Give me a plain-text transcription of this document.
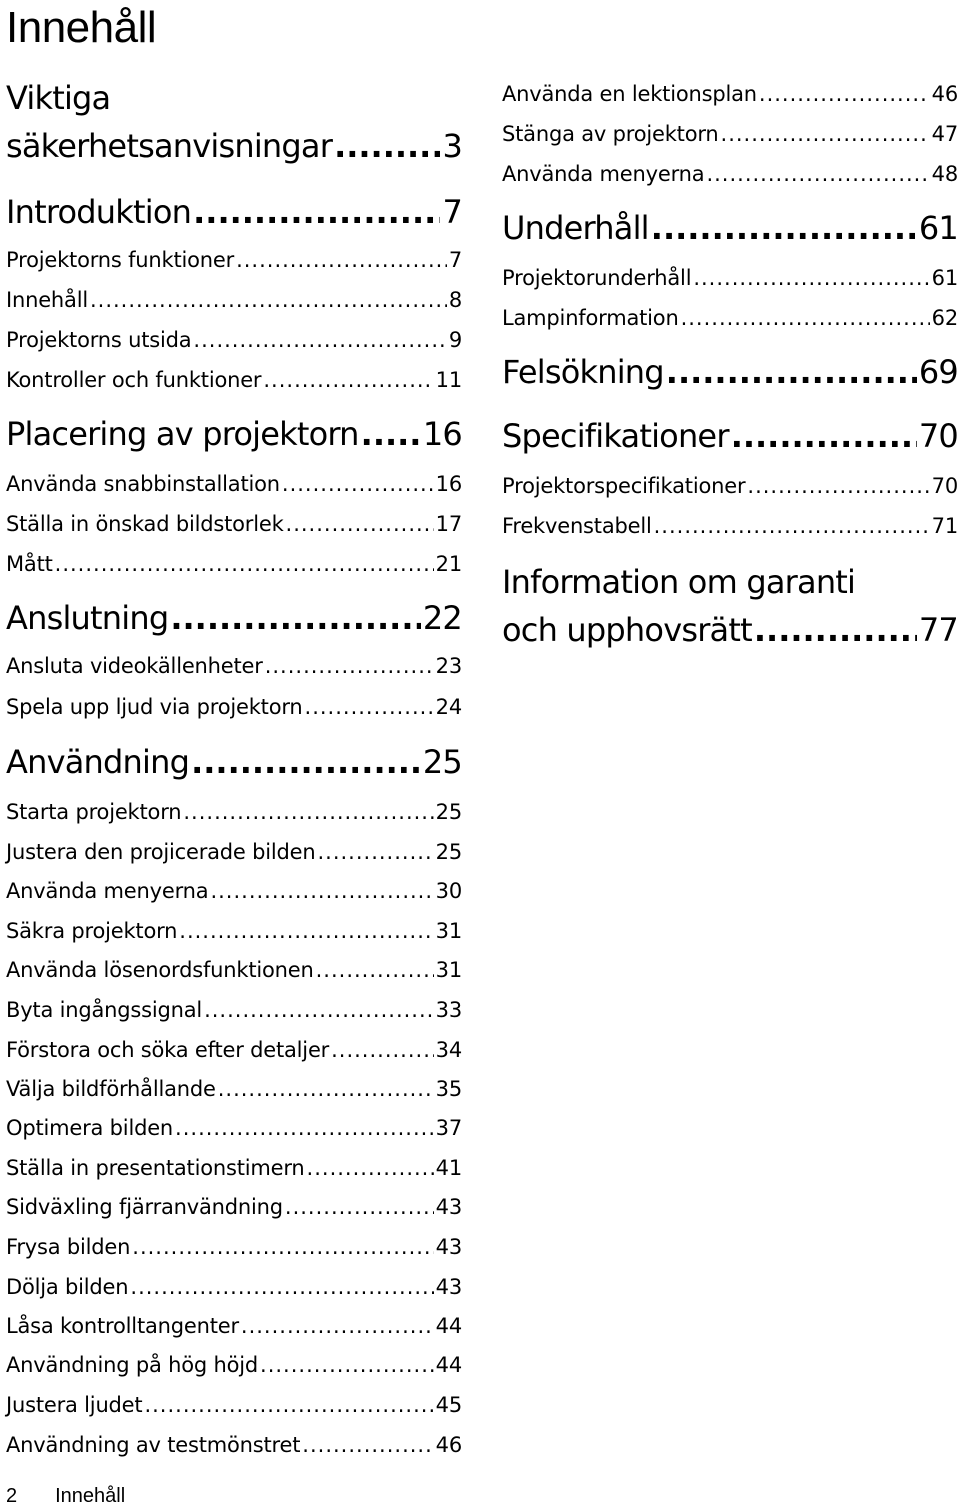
Innehåll
Viktiga
säkerhetsanvisningar .....	3
Introduktion .....	7
Projektorns funktioner .....	7
Innehåll .....	8
Projektorns utsida .....	9
Kontroller och funktioner .....	11
Placering av projektorn ..... 16
Använda snabbinstallation .....	16
Ställa in önskad bildstorlek .....	17
Mått .....	21
Anslutning .....	22
Ansluta videokällenheter .....	23
Spela upp ljud via projektorn .....	24
Användning .....	25
Starta projektorn .....	25
Justera den projicerade bilden .....	25
Använda menyerna .....	30
Säkra projektorn .....	31
Använda lösenordsfunktionen .....	31
Byta ingångssignal .....	33
Förstora och söka efter detaljer .....	34
Välja bildförhållande .....	35
Optimera bilden .....	37
Ställa in presentationstimern .....	41
Sidväxling fjärranvändning .....	43
Frysa bilden .....	43
Dölja bilden .....	43
Låsa kontrolltangenter .....	44
Användning på hög höjd .....	44
Justera ljudet .....	45
Användning av testmönstret .....	46
Använda en lektionsplan .....	46
Stänga av projektorn .....	47
Använda menyerna .....	48
Underhåll .....	61
Projektorunderhåll .....	61
Lampinformation .....	62
Felsökning .....	69
Specifikationer .....	70
Projektorspecifikationer .....	70
Frekvenstabell .....	71
Information om garanti
och upphovsrätt .....	77
2 Innehåll
